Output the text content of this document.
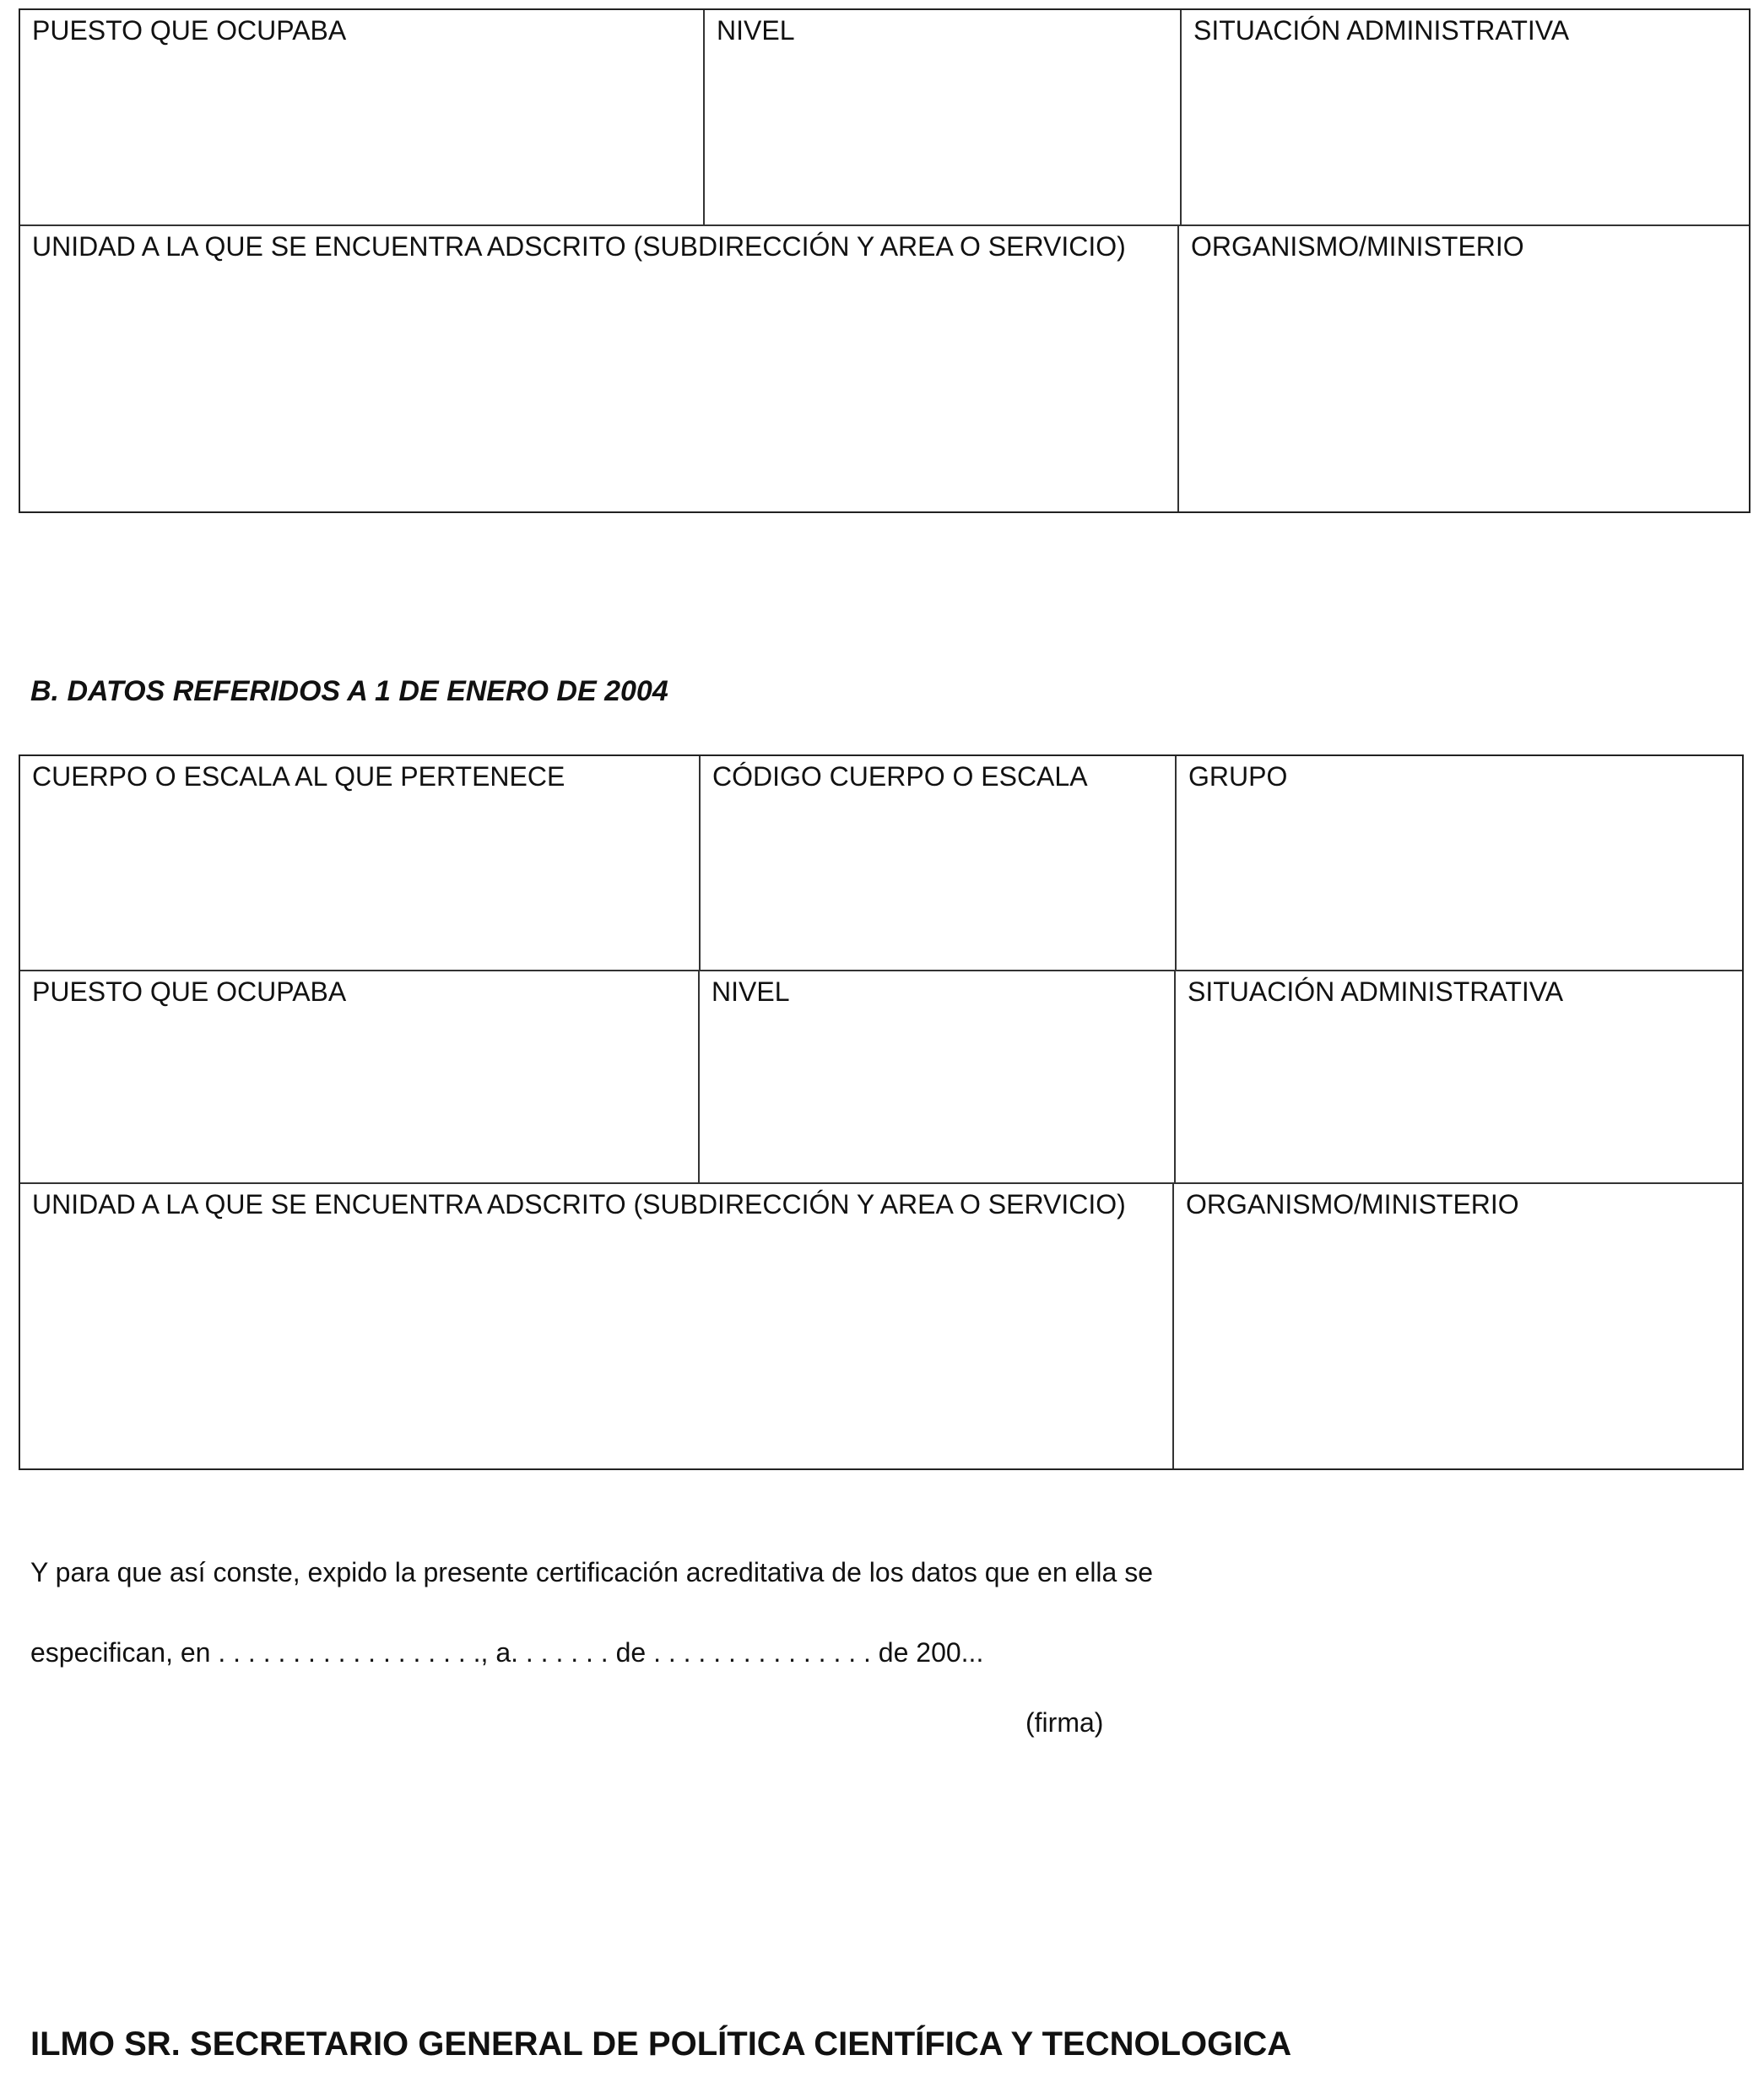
PUESTO QUE OCUPABA	NIVEL	SITUACIÓN ADMINISTRATIVA
UNIDAD A LA QUE SE ENCUENTRA ADSCRITO (SUBDIRECCIÓN Y AREA O SERVICIO)	ORGANISMO/MINISTERIO
B. DATOS REFERIDOS A 1 DE ENERO DE 2004
CUERPO O ESCALA AL QUE PERTENECE	CÓDIGO CUERPO O ESCALA	GRUPO
PUESTO QUE OCUPABA	NIVEL	SITUACIÓN ADMINISTRATIVA
UNIDAD A LA QUE SE ENCUENTRA ADSCRITO (SUBDIRECCIÓN Y AREA O SERVICIO)	ORGANISMO/MINISTERIO
Y para que así conste, expido la presente certificación acreditativa de los datos que en ella se
especifican, en . . . . . . . . . . . . . . . . . ., a. . . . . . . de . . . . . . . . . . . . . . . de 200...
(firma)
ILMO SR. SECRETARIO GENERAL DE POLÍTICA CIENTÍFICA Y TECNOLOGICA
